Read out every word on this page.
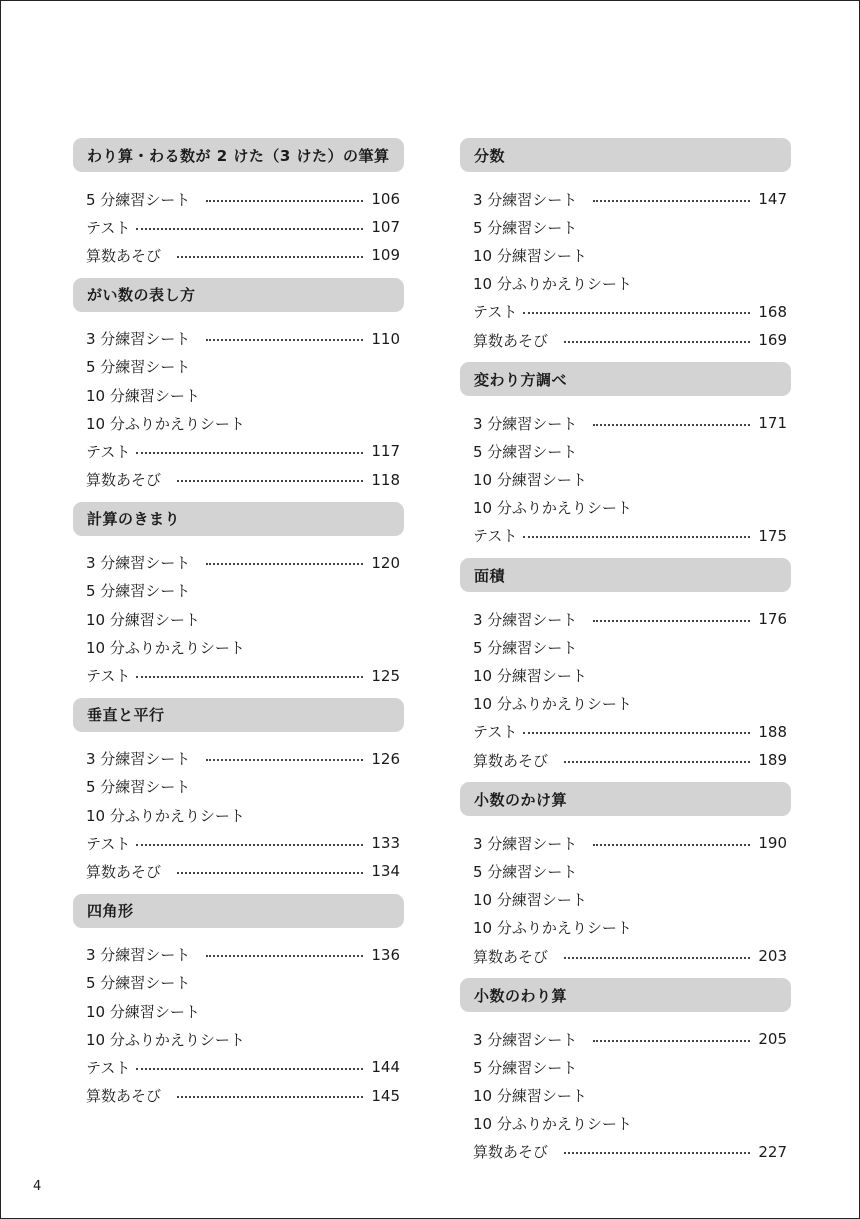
わり算・わる数が 2 けた（3 けた）の筆算
5 分練習シート	106
テスト	107
算数あそび	109
がい数の表し方
3 分練習シート	110
5 分練習シート
10 分練習シート
10 分ふりかえりシート
テスト	117
算数あそび	118
計算のきまり
3 分練習シート	120
5 分練習シート
10 分練習シート
10 分ふりかえりシート
テスト	125
垂直と平行
3 分練習シート	126
5 分練習シート
10 分ふりかえりシート
テスト	133
算数あそび	134
四角形
3 分練習シート	136
5 分練習シート
10 分練習シート
10 分ふりかえりシート
テスト	144
算数あそび	145
分数
3 分練習シート	147
5 分練習シート
10 分練習シート
10 分ふりかえりシート
テスト	168
算数あそび	169
変わり方調べ
3 分練習シート	171
5 分練習シート
10 分練習シート
10 分ふりかえりシート
テスト	175
面積
3 分練習シート	176
5 分練習シート
10 分練習シート
10 分ふりかえりシート
テスト	188
算数あそび	189
小数のかけ算
3 分練習シート	190
5 分練習シート
10 分練習シート
10 分ふりかえりシート
算数あそび	203
小数のわり算
3 分練習シート	205
5 分練習シート
10 分練習シート
10 分ふりかえりシート
算数あそび	227
4
